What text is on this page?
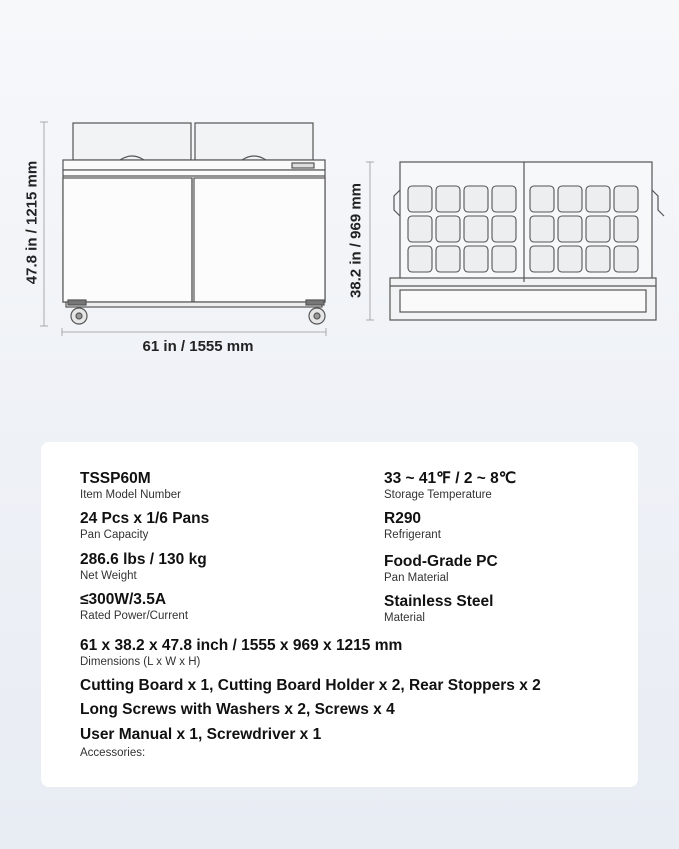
47.8 in / 1215 mm
61 in / 1555 mm
38.2 in / 969 mm
TSSP60M
Item Model Number
33 ~ 41℉ / 2 ~ 8℃
Storage Temperature
24 Pcs x 1/6 Pans
Pan Capacity
R290
Refrigerant
286.6 lbs / 130 kg
Net Weight
Food-Grade PC
Pan Material
≤300W/3.5A
Rated Power/Current
Stainless Steel
Material
61 x 38.2 x 47.8 inch / 1555 x 969 x 1215 mm
Dimensions (L x W x H)
Cutting Board x 1, Cutting Board Holder x 2, Rear Stoppers x 2
Long Screws with Washers x 2, Screws x 4
User Manual x 1, Screwdriver x 1
Accessories:
